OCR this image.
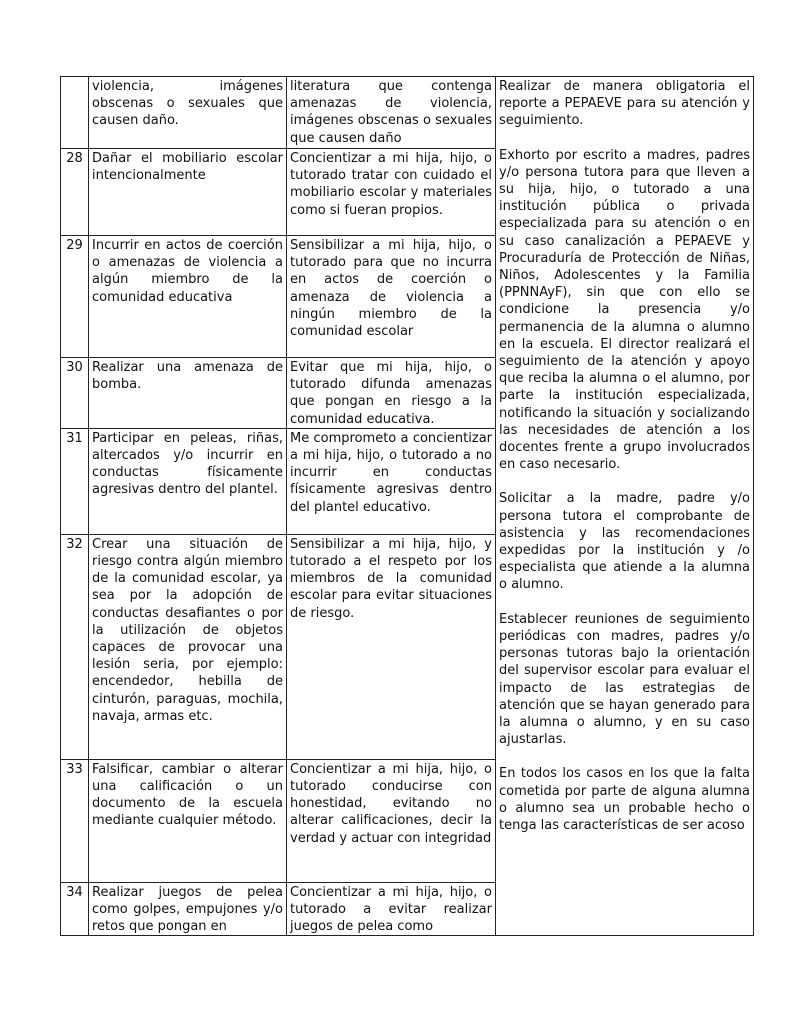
	violencia, imágenes obscenas o sexuales que causen daño.	literatura que contenga amenazas de violencia, imágenes obscenas o sexuales que causen daño	Realizar de manera obligatoria el reporte a PEPAEVE para su atención y seguimiento.

Exhorto por escrito a madres, padres y/o persona tutora para que lleven a su hija, hijo, o tutorado a una institución pública o privada especializada para su atención o en su caso canalización a PEPAEVE y Procuraduría de Protección de Niñas, Niños, Adolescentes y la Familia (PPNNAyF), sin que con ello se condicione la presencia y/o permanencia de la alumna o alumno en la escuela. El director realizará el seguimiento de la atención y apoyo que reciba la alumna o el alumno, por parte la institución especializada, notificando la situación y socializando las necesidades de atención a los docentes frente a grupo involucrados en caso necesario.

Solicitar a la madre, padre y/o persona tutora el comprobante de asistencia y las recomendaciones expedidas por la institución y /o especialista que atiende a la alumna o alumno.

Establecer reuniones de seguimiento periódicas con madres, padres y/o personas tutoras bajo la orientación del supervisor escolar para evaluar el impacto de las estrategias de atención que se hayan generado para la alumna o alumno, y en su caso ajustarlas.

En todos los casos en los que la falta cometida por parte de alguna alumna o alumno sea un probable hecho o tenga las características de ser acoso

28	Dañar el mobiliario escolar intencionalmente	Concientizar a mi hija, hijo, o tutorado tratar con cuidado el mobiliario escolar y materiales como si fueran propios.	
29	Incurrir en actos de coerción o amenazas de violencia a algún miembro de la comunidad educativa	Sensibilizar a mi hija, hijo, o tutorado para que no incurra en actos de coerción o amenaza de violencia a ningún miembro de la comunidad escolar	
30	Realizar una amenaza de bomba.	Evitar que mi hija, hijo, o tutorado difunda amenazas que pongan en riesgo a la comunidad educativa.	
31	Participar en peleas, riñas, altercados y/o incurrir en conductas físicamente agresivas dentro del plantel.	Me comprometo a concientizar a mi hija, hijo, o tutorado a no incurrir en conductas físicamente agresivas dentro del plantel educativo.	
32	Crear una situación de riesgo contra algún miembro de la comunidad escolar, ya sea por la adopción de conductas desafiantes o por la utilización de objetos capaces de provocar una lesión seria, por ejemplo: encendedor, hebilla de cinturón, paraguas, mochila, navaja, armas etc.	Sensibilizar a mi hija, hijo, y tutorado a el respeto por los miembros de la comunidad escolar para evitar situaciones de riesgo.	
33	Falsificar, cambiar o alterar una calificación o un documento de la escuela mediante cualquier método.	Concientizar a mi hija, hijo, o tutorado conducirse con honestidad, evitando no alterar calificaciones, decir la verdad y actuar con integridad	
34	Realizar juegos de pelea como golpes, empujones y/o retos que pongan en	Concientizar a mi hija, hijo, o tutorado a evitar realizar juegos de pelea como	
